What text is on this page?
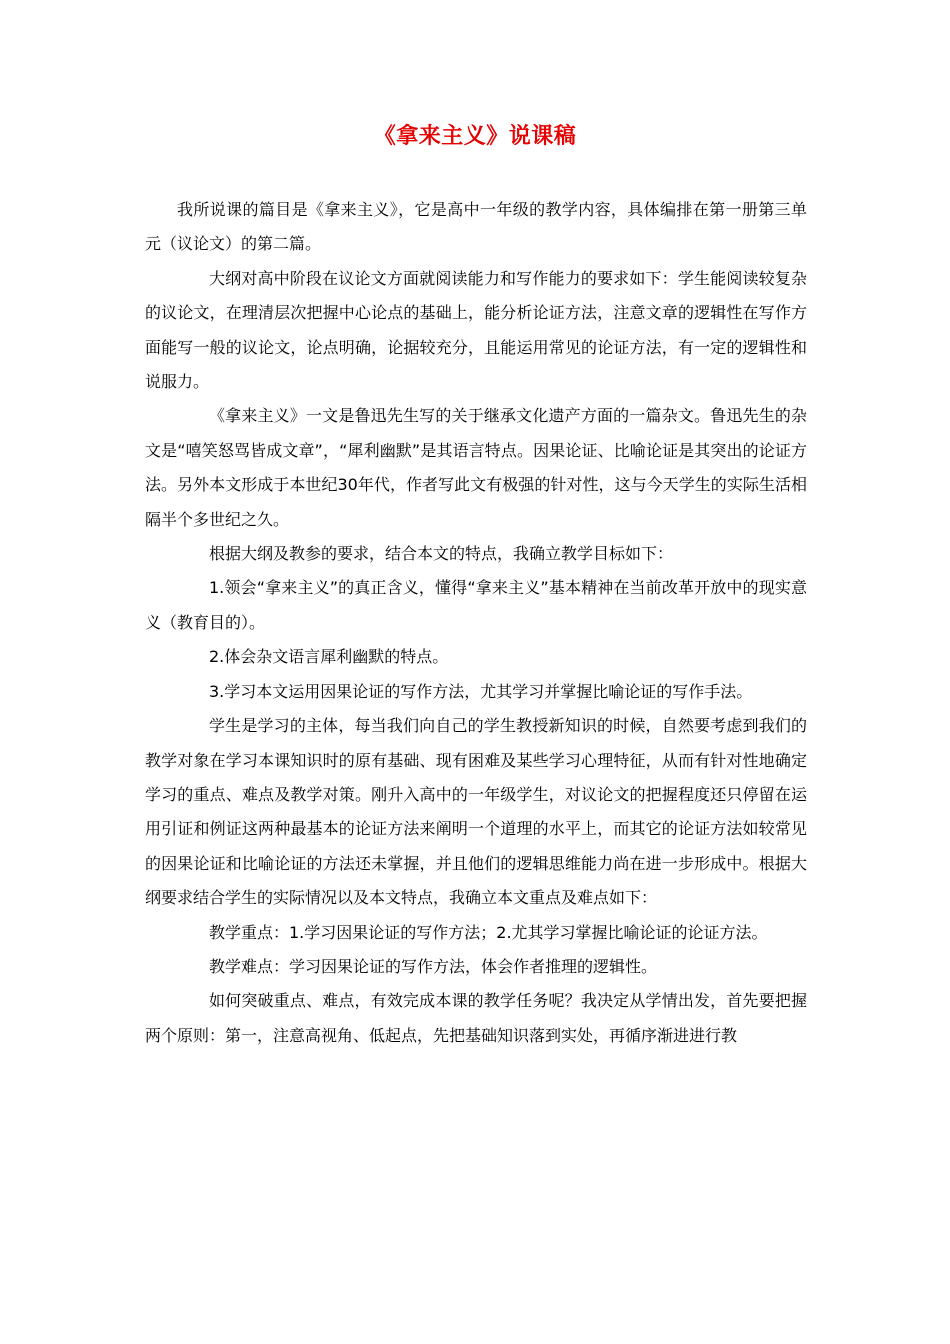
《拿来主义》说课稿

我所说课的篇目是《拿来主义》，它是高中一年级的教学内容，具体编排在第一册第三单元（议论文）的第二篇。

大纲对高中阶段在议论文方面就阅读能力和写作能力的要求如下：学生能阅读较复杂的议论文，在理清层次把握中心论点的基础上，能分析论证方法，注意文章的逻辑性在写作方面能写一般的议论文，论点明确，论据较充分，且能运用常见的论证方法，有一定的逻辑性和说服力。

《拿来主义》一文是鲁迅先生写的关于继承文化遗产方面的一篇杂文。鲁迅先生的杂文是“嘻笑怒骂皆成文章”，“犀利幽默”是其语言特点。因果论证、比喻论证是其突出的论证方法。另外本文形成于本世纪30年代，作者写此文有极强的针对性，这与今天学生的实际生活相隔半个多世纪之久。

根据大纲及教参的要求，结合本文的特点，我确立教学目标如下：

1.领会“拿来主义”的真正含义，懂得“拿来主义”基本精神在当前改革开放中的现实意义（教育目的）。

2.体会杂文语言犀利幽默的特点。

3.学习本文运用因果论证的写作方法，尤其学习并掌握比喻论证的写作手法。

学生是学习的主体，每当我们向自己的学生教授新知识的时候，自然要考虑到我们的教学对象在学习本课知识时的原有基础、现有困难及某些学习心理特征，从而有针对性地确定学习的重点、难点及教学对策。刚升入高中的一年级学生，对议论文的把握程度还只停留在运用引证和例证这两种最基本的论证方法来阐明一个道理的水平上，而其它的论证方法如较常见的因果论证和比喻论证的方法还未掌握，并且他们的逻辑思维能力尚在进一步形成中。根据大纲要求结合学生的实际情况以及本文特点，我确立本文重点及难点如下：

教学重点：1.学习因果论证的写作方法；2.尤其学习掌握比喻论证的论证方法。

教学难点：学习因果论证的写作方法，体会作者推理的逻辑性。

如何突破重点、难点，有效完成本课的教学任务呢？我决定从学情出发，首先要把握两个原则：第一，注意高视角、低起点，先把基础知识落到实处，再循序渐进进行教
